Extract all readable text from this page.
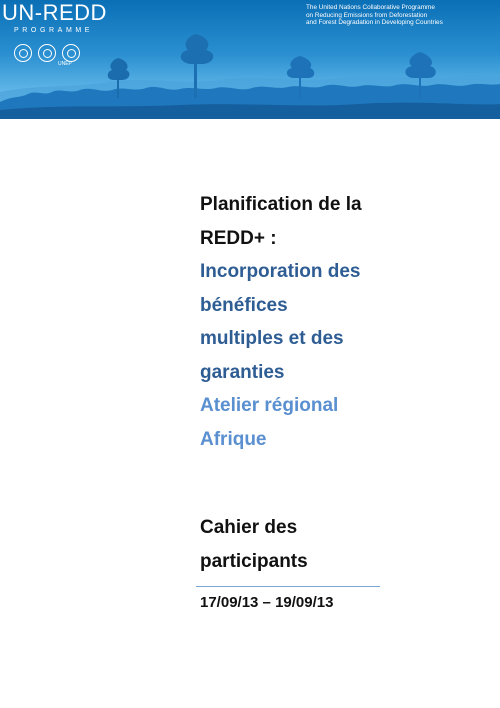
UN-REDD
PROGRAMME
UNEP
The United Nations Collaborative Programme
on Reducing Emissions from Deforestation
and Forest Degradation in Developing Countries
Planification de la
REDD+ :
Incorporation des
bénéfices
multiples et des
garanties
Atelier régional
Afrique
Cahier des
participants
17/09/13 – 19/09/13
